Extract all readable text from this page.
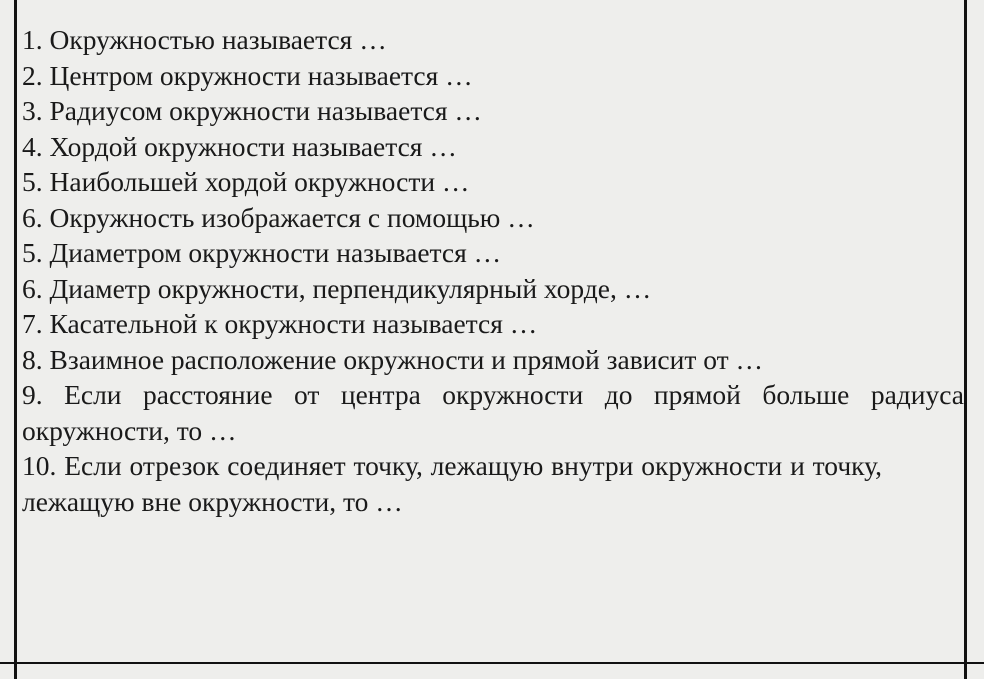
1. Окружностью называется …

2. Центром окружности называется …

3. Радиусом окружности называется …

4. Хордой окружности называется …

5. Наибольшей хордой окружности …

6. Окружность изображается с помощью …

5. Диаметром окружности называется …

6. Диаметр окружности, перпендикулярный хорде, …

7. Касательной к окружности называется …

8. Взаимное расположение окружности и прямой зависит от …

9. Если расстояние от центра окружности до прямой больше радиуса окружности, то …

10. Если отрезок соединяет точку, лежащую внутри окружности и точку, лежащую вне окружности, то …
